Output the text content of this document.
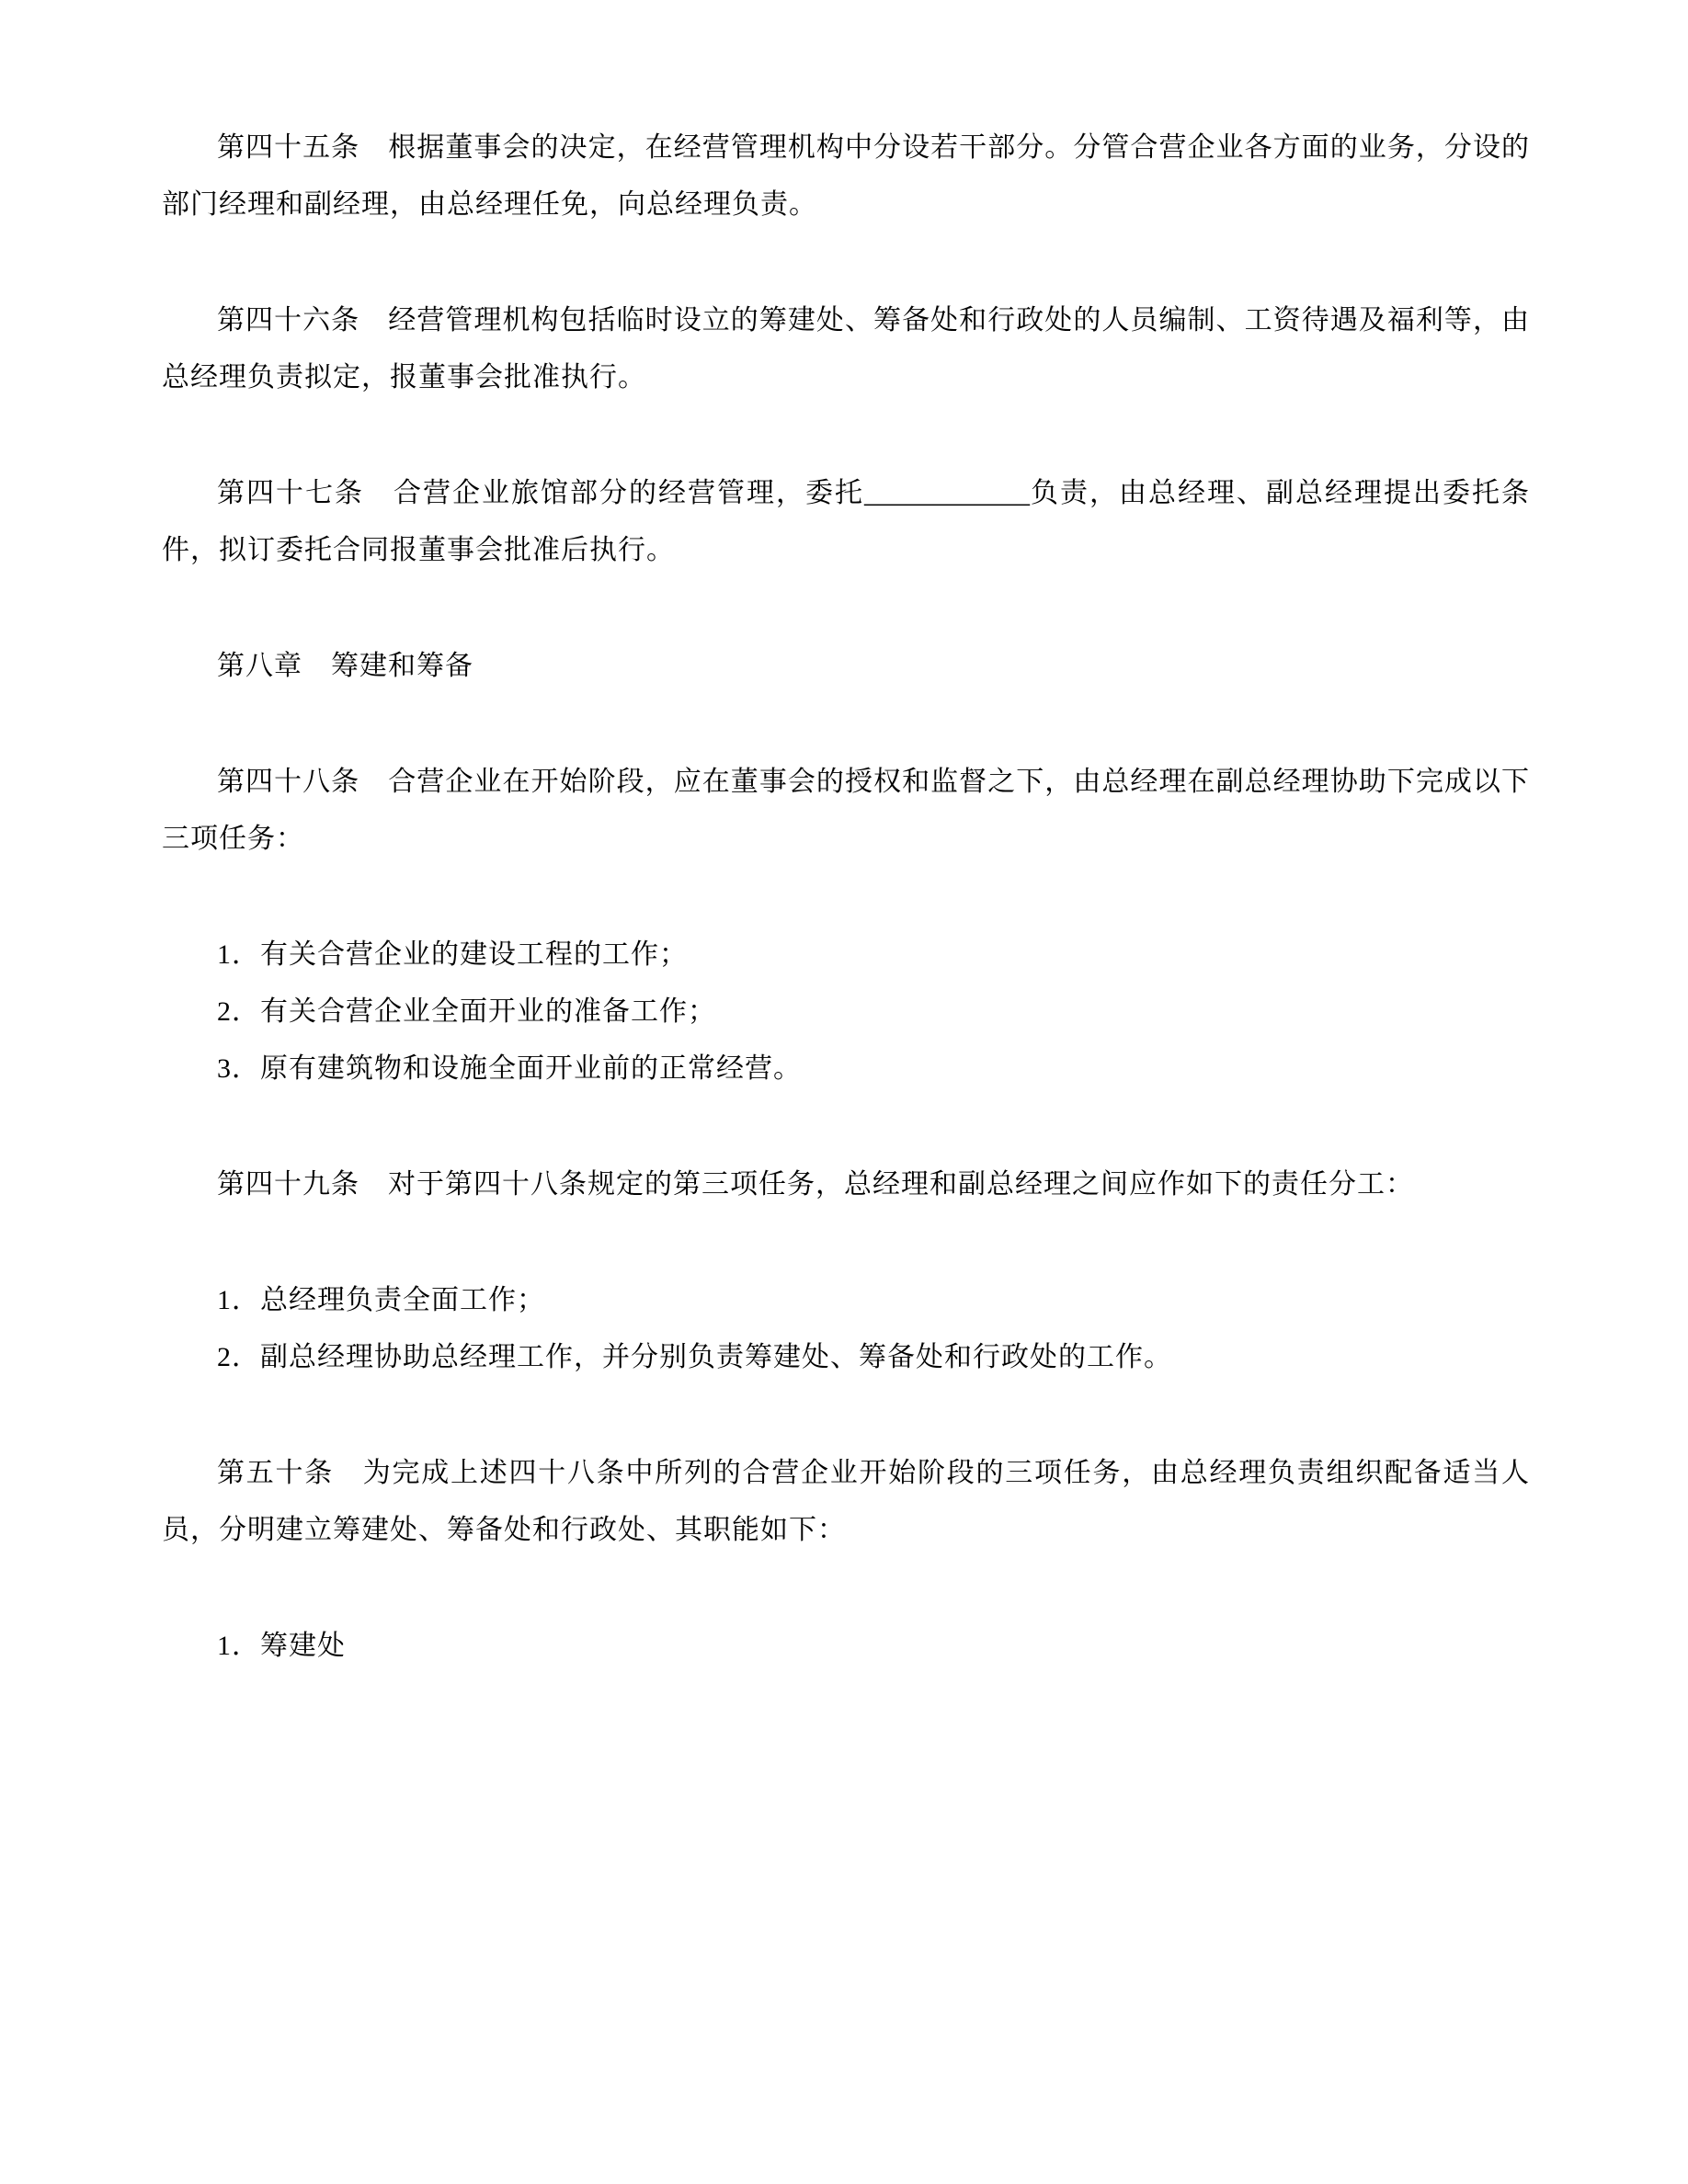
第四十五条　根据董事会的决定，在经营管理机构中分设若干部分。分管合营企业各方面的业务，分设的部门经理和副经理，由总经理任免，向总经理负责。

第四十六条　经营管理机构包括临时设立的筹建处、筹备处和行政处的人员编制、工资待遇及福利等，由总经理负责拟定，报董事会批准执行。

第四十七条　合营企业旅馆部分的经营管理，委托____________负责，由总经理、副总经理提出委托条件，拟订委托合同报董事会批准后执行。

第八章　筹建和筹备

第四十八条　合营企业在开始阶段，应在董事会的授权和监督之下，由总经理在副总经理协助下完成以下三项任务：

1．有关合营企业的建设工程的工作；

2．有关合营企业全面开业的准备工作；

3．原有建筑物和设施全面开业前的正常经营。

第四十九条　对于第四十八条规定的第三项任务，总经理和副总经理之间应作如下的责任分工：

1．总经理负责全面工作；

2．副总经理协助总经理工作，并分别负责筹建处、筹备处和行政处的工作。

第五十条　为完成上述四十八条中所列的合营企业开始阶段的三项任务，由总经理负责组织配备适当人员，分明建立筹建处、筹备处和行政处、其职能如下：

1．筹建处
